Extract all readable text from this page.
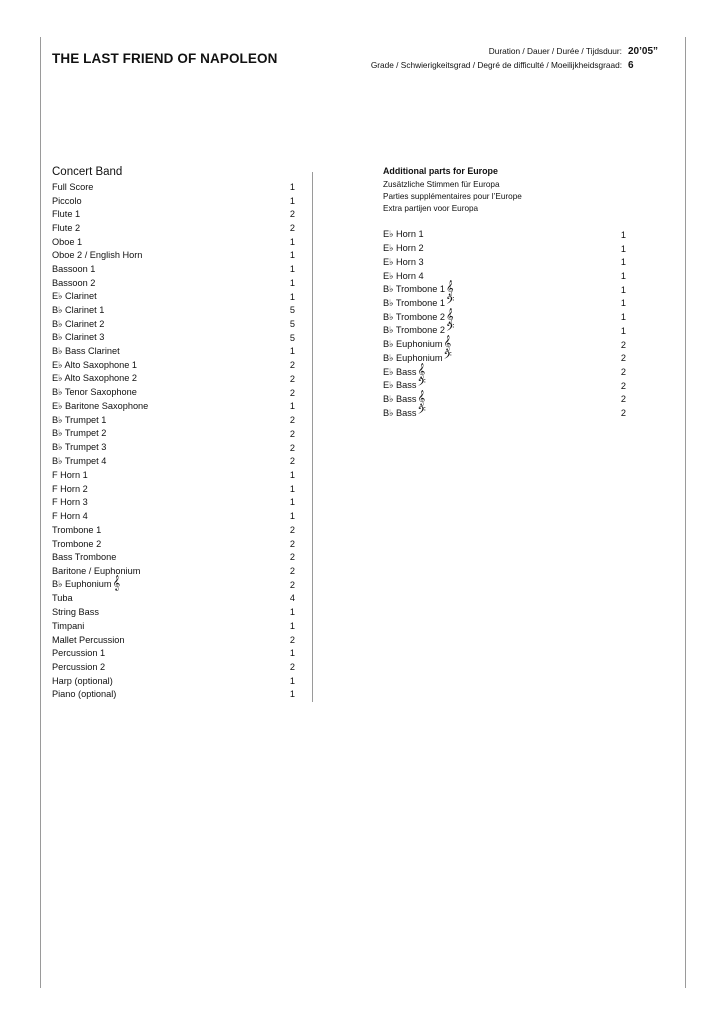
THE LAST FRIEND OF NAPOLEON	Duration / Dauer / Durée / Tijdsduur: 20’05”
Grade / Schwierigkeitsgrad / Degré de difficulté / Moeilijkheidsgraad: 6
Concert Band
Full Score	1
Piccolo	1
Flute 1	2
Flute 2	2
Oboe 1	1
Oboe 2 / English Horn	1
Bassoon 1	1
Bassoon 2	1
E♭ Clarinet	1
B♭ Clarinet 1	5
B♭ Clarinet 2	5
B♭ Clarinet 3	5
B♭ Bass Clarinet	1
E♭ Alto Saxophone 1	2
E♭ Alto Saxophone 2	2
B♭ Tenor Saxophone	2
E♭ Baritone Saxophone	1
B♭ Trumpet 1	2
B♭ Trumpet 2	2
B♭ Trumpet 3	2
B♭ Trumpet 4	2
F Horn 1	1
F Horn 2	1
F Horn 3	1
F Horn 4	1
Trombone 1	2
Trombone 2	2
Bass Trombone	2
Baritone / Euphonium	2
B♭ Euphonium𝄞	2
Tuba	4
String Bass	1
Timpani	1
Mallet Percussion	2
Percussion 1	1
Percussion 2	2
Harp (optional)	1
Piano (optional)	1
Additional parts for Europe
Zusätzliche Stimmen für Europa
Parties supplémentaires pour l’Europe
Extra partijen voor Europa
E♭ Horn 1	1
E♭ Horn 2	1
E♭ Horn 3	1
E♭ Horn 4	1
B♭ Trombone 1𝄞	1
B♭ Trombone 1𝄢	1
B♭ Trombone 2𝄞	1
B♭ Trombone 2𝄢	1
B♭ Euphonium𝄞	2
B♭ Euphonium𝄢	2
E♭ Bass𝄞	2
E♭ Bass𝄢	2
B♭ Bass𝄞	2
B♭ Bass𝄢	2
